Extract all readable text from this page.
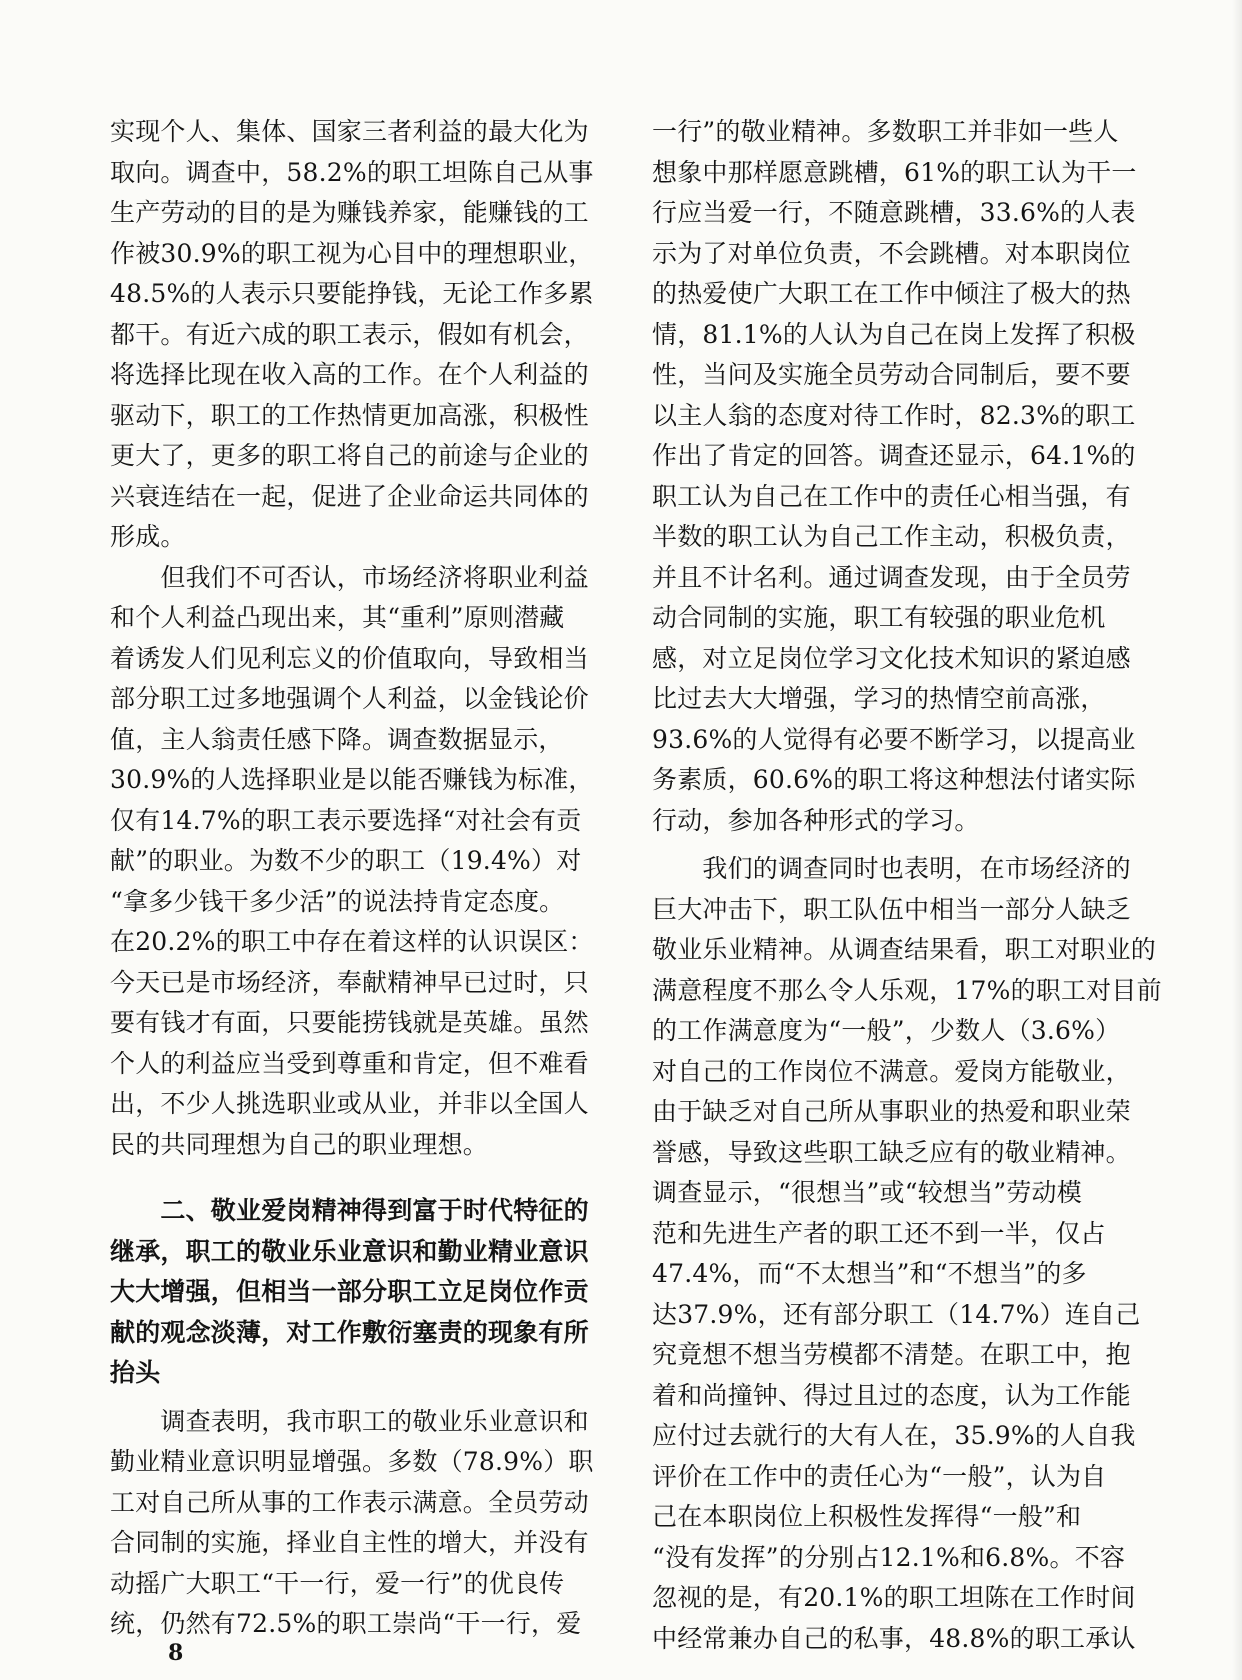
实现个人、集体、国家三者利益的最大化为
取向。调查中，58.2%的职工坦陈自己从事
生产劳动的目的是为赚钱养家，能赚钱的工
作被30.9%的职工视为心目中的理想职业，
48.5%的人表示只要能挣钱，无论工作多累
都干。有近六成的职工表示，假如有机会，
将选择比现在收入高的工作。在个人利益的
驱动下，职工的工作热情更加高涨，积极性
更大了，更多的职工将自己的前途与企业的
兴衰连结在一起，促进了企业命运共同体的
形成。
　　但我们不可否认，市场经济将职业利益
和个人利益凸现出来，其“重利”原则潜藏
着诱发人们见利忘义的价值取向，导致相当
部分职工过多地强调个人利益，以金钱论价
值，主人翁责任感下降。调查数据显示，
30.9%的人选择职业是以能否赚钱为标准，
仅有14.7%的职工表示要选择“对社会有贡
献”的职业。为数不少的职工（19.4%）对
“拿多少钱干多少活”的说法持肯定态度。
在20.2%的职工中存在着这样的认识误区：
今天已是市场经济，奉献精神早已过时，只
要有钱才有面，只要能捞钱就是英雄。虽然
个人的利益应当受到尊重和肯定，但不难看
出，不少人挑选职业或从业，并非以全国人
民的共同理想为自己的职业理想。
　　二、敬业爱岗精神得到富于时代特征的
继承，职工的敬业乐业意识和勤业精业意识
大大增强，但相当一部分职工立足岗位作贡
献的观念淡薄，对工作敷衍塞责的现象有所
抬头
　　调查表明，我市职工的敬业乐业意识和
勤业精业意识明显增强。多数（78.9%）职
工对自己所从事的工作表示满意。全员劳动
合同制的实施，择业自主性的增大，并没有
动摇广大职工“干一行，爱一行”的优良传
统，仍然有72.5%的职工崇尚“干一行，爱
一行”的敬业精神。多数职工并非如一些人
想象中那样愿意跳槽，61%的职工认为干一
行应当爱一行，不随意跳槽，33.6%的人表
示为了对单位负责，不会跳槽。对本职岗位
的热爱使广大职工在工作中倾注了极大的热
情，81.1%的人认为自己在岗上发挥了积极
性，当问及实施全员劳动合同制后，要不要
以主人翁的态度对待工作时，82.3%的职工
作出了肯定的回答。调查还显示，64.1%的
职工认为自己在工作中的责任心相当强，有
半数的职工认为自己工作主动，积极负责，
并且不计名利。通过调查发现，由于全员劳
动合同制的实施，职工有较强的职业危机
感，对立足岗位学习文化技术知识的紧迫感
比过去大大增强，学习的热情空前高涨，
93.6%的人觉得有必要不断学习，以提高业
务素质，60.6%的职工将这种想法付诸实际
行动，参加各种形式的学习。
　　我们的调查同时也表明，在市场经济的
巨大冲击下，职工队伍中相当一部分人缺乏
敬业乐业精神。从调查结果看，职工对职业的
满意程度不那么令人乐观，17%的职工对目前
的工作满意度为“一般”，少数人（3.6%）
对自己的工作岗位不满意。爱岗方能敬业，
由于缺乏对自己所从事职业的热爱和职业荣
誉感，导致这些职工缺乏应有的敬业精神。
调查显示，“很想当”或“较想当”劳动模
范和先进生产者的职工还不到一半，仅占
47.4%，而“不太想当”和“不想当”的多
达37.9%，还有部分职工（14.7%）连自己
究竟想不想当劳模都不清楚。在职工中，抱
着和尚撞钟、得过且过的态度，认为工作能
应付过去就行的大有人在，35.9%的人自我
评价在工作中的责任心为“一般”，认为自
己在本职岗位上积极性发挥得“一般”和
“没有发挥”的分别占12.1%和6.8%。不容
忽视的是，有20.1%的职工坦陈在工作时间
中经常兼办自己的私事，48.8%的职工承认
8
